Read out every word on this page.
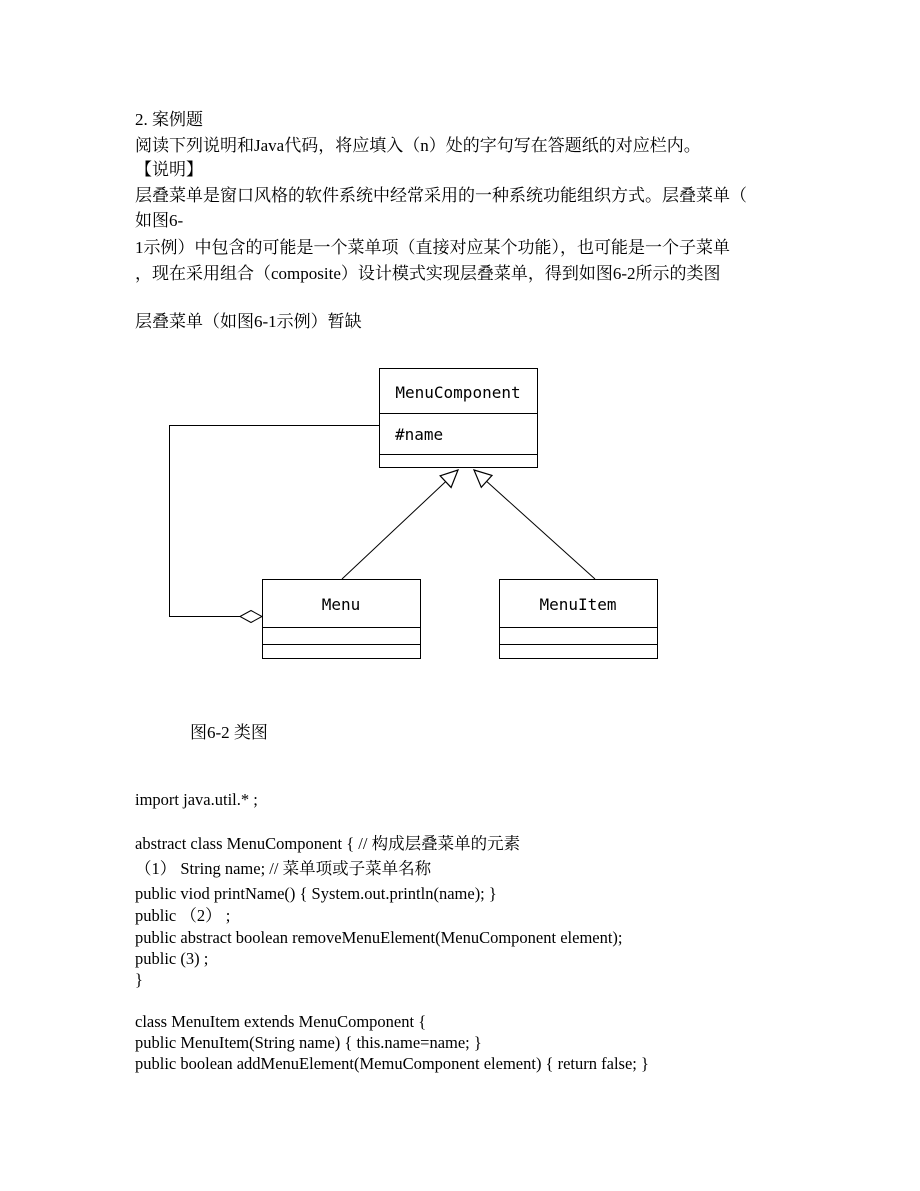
2. 案例题
阅读下列说明和Java代码，将应填入（n）处的字句写在答题纸的对应栏内。
【说明】
层叠菜单是窗口风格的软件系统中经常采用的一种系统功能组织方式。层叠菜单（
如图6-
1示例）中包含的可能是一个菜单项（直接对应某个功能），也可能是一个子菜单
，现在采用组合（composite）设计模式实现层叠菜单，得到如图6-2所示的类图
层叠菜单（如图6-1示例）暂缺
MenuComponent
#name
Menu	MenuItem
图6-2 类图
import java.util.* ;
abstract class MenuComponent { // 构成层叠菜单的元素
（1） String name; // 菜单项或子菜单名称
public viod printName() { System.out.println(name); }
public （2） ;
public abstract boolean removeMenuElement(MenuComponent element);
public (3) ;
}
class MenuItem extends MenuComponent {
public MenuItem(String name) { this.name=name; }
public boolean addMenuElement(MemuComponent element) { return false; }
